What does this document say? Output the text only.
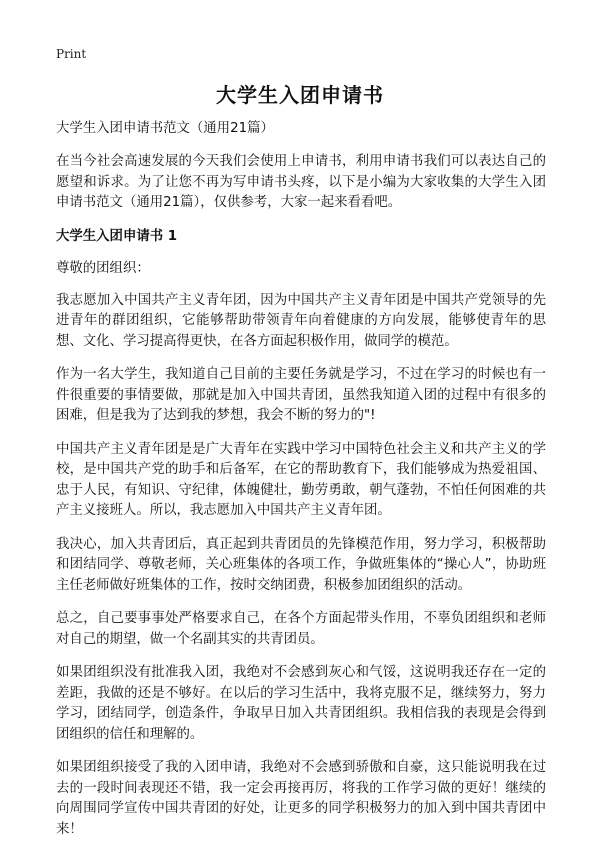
Print
大学生入团申请书

大学生入团申请书范文（通用21篇）

在当今社会高速发展的今天我们会使用上申请书，利用申请书我们可以表达自己的愿望和诉求。为了让您不再为写申请书头疼，以下是小编为大家收集的大学生入团申请书范文（通用21篇），仅供参考，大家一起来看看吧。

大学生入团申请书 1

尊敬的团组织：

我志愿加入中国共产主义青年团，因为中国共产主义青年团是中国共产党领导的先进青年的群团组织，它能够帮助带领青年向着健康的方向发展，能够使青年的思想、文化、学习提高得更快，在各方面起积极作用，做同学的模范。

作为一名大学生，我知道自己目前的主要任务就是学习，不过在学习的时候也有一件很重要的事情要做，那就是加入中国共青团，虽然我知道入团的过程中有很多的困难，但是我为了达到我的梦想，我会不断的努力的"!

中国共产主义青年团是是广大青年在实践中学习中国特色社会主义和共产主义的学校，是中国共产党的助手和后备军，在它的帮助教育下，我们能够成为热爱祖国、忠于人民，有知识、守纪律，体魄健壮，勤劳勇敢，朝气蓬勃，不怕任何困难的共产主义接班人。所以，我志愿加入中国共产主义青年团。

我决心，加入共青团后，真正起到共青团员的先锋模范作用，努力学习，积极帮助和团结同学、尊敬老师，关心班集体的各项工作，争做班集体的“操心人”，协助班主任老师做好班集体的工作，按时交纳团费，积极参加团组织的活动。

总之，自己要事事处严格要求自己，在各个方面起带头作用，不辜负团组织和老师对自己的期望，做一个名副其实的共青团员。

如果团组织没有批准我入团，我绝对不会感到灰心和气馁，这说明我还存在一定的差距，我做的还是不够好。在以后的学习生活中，我将克服不足，继续努力，努力学习，团结同学，创造条件，争取早日加入共青团组织。我相信我的表现是会得到团组织的信任和理解的。

如果团组织接受了我的入团申请，我绝对不会感到骄傲和自豪，这只能说明我在过去的一段时间表现还不错，我一定会再接再厉，将我的工作学习做的更好！继续的向周围同学宣传中国共青团的好处，让更多的同学积极努力的加入到中国共青团中来！
